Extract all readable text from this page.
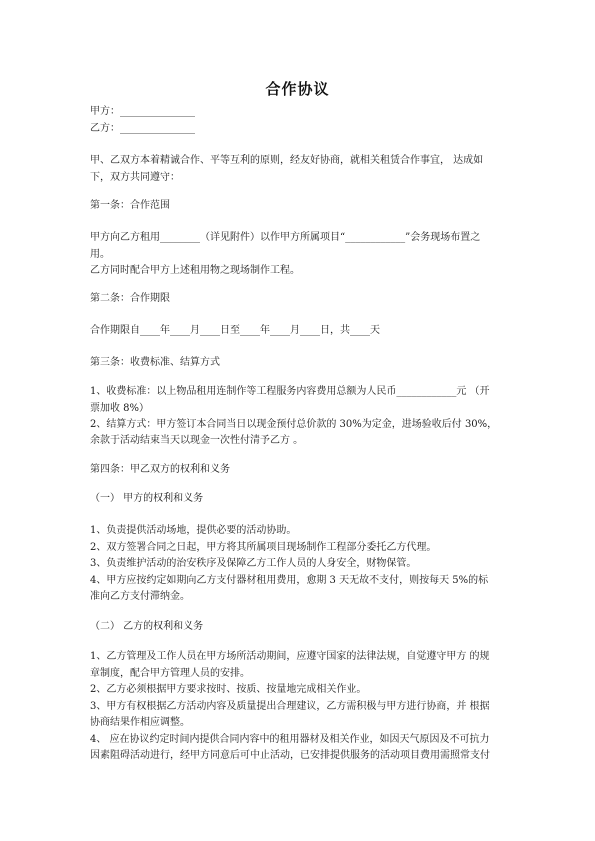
合作协议
甲方：_______________
乙方：_______________
甲、乙双方本着精诚合作、平等互利的原则，经友好协商，就相关租赁合作事宜， 达成如
下，双方共同遵守：
第一条：合作范围
甲方向乙方租用________（详见附件）以作甲方所属项目“____________”会务现场布置之
用。
乙方同时配合甲方上述租用物之现场制作工程。
第二条：合作期限
合作期限自____年____月____日至____年____月____日，共____天
第三条：收费标准、结算方式
1、收费标准：以上物品租用连制作等工程服务内容费用总额为人民币____________元 （开
票加收 8%）
2、结算方式：甲方签订本合同当日以现金预付总价款的 30%为定金，进场验收后付 30%，
余款于活动结束当天以现金一次性付清予乙方 。
第四条：甲乙双方的权利和义务
（一） 甲方的权利和义务
1、负责提供活动场地，提供必要的活动协助。
2、双方签署合同之日起，甲方将其所属项目现场制作工程部分委托乙方代理。
3、负责维护活动的治安秩序及保障乙方工作人员的人身安全，财物保管。
4、甲方应按约定如期向乙方支付器材租用费用，愈期 3 天无故不支付，则按每天 5%的标
准向乙方支付滞纳金。
（二） 乙方的权利和义务
1、乙方管理及工作人员在甲方场所活动期间，应遵守国家的法律法规，自觉遵守甲方 的规
章制度，配合甲方管理人员的安排。
2、乙方必须根据甲方要求按时、按质、按量地完成相关作业。
3、甲方有权根据乙方活动内容及质量提出合理建议，乙方需积极与甲方进行协商，并 根据
协商结果作相应调整。
4、 应在协议约定时间内提供合同内容中的租用器材及相关作业，如因天气原因及不可抗力
因素阻碍活动进行，经甲方同意后可中止活动，已安排提供服务的活动项目费用需照常支付
